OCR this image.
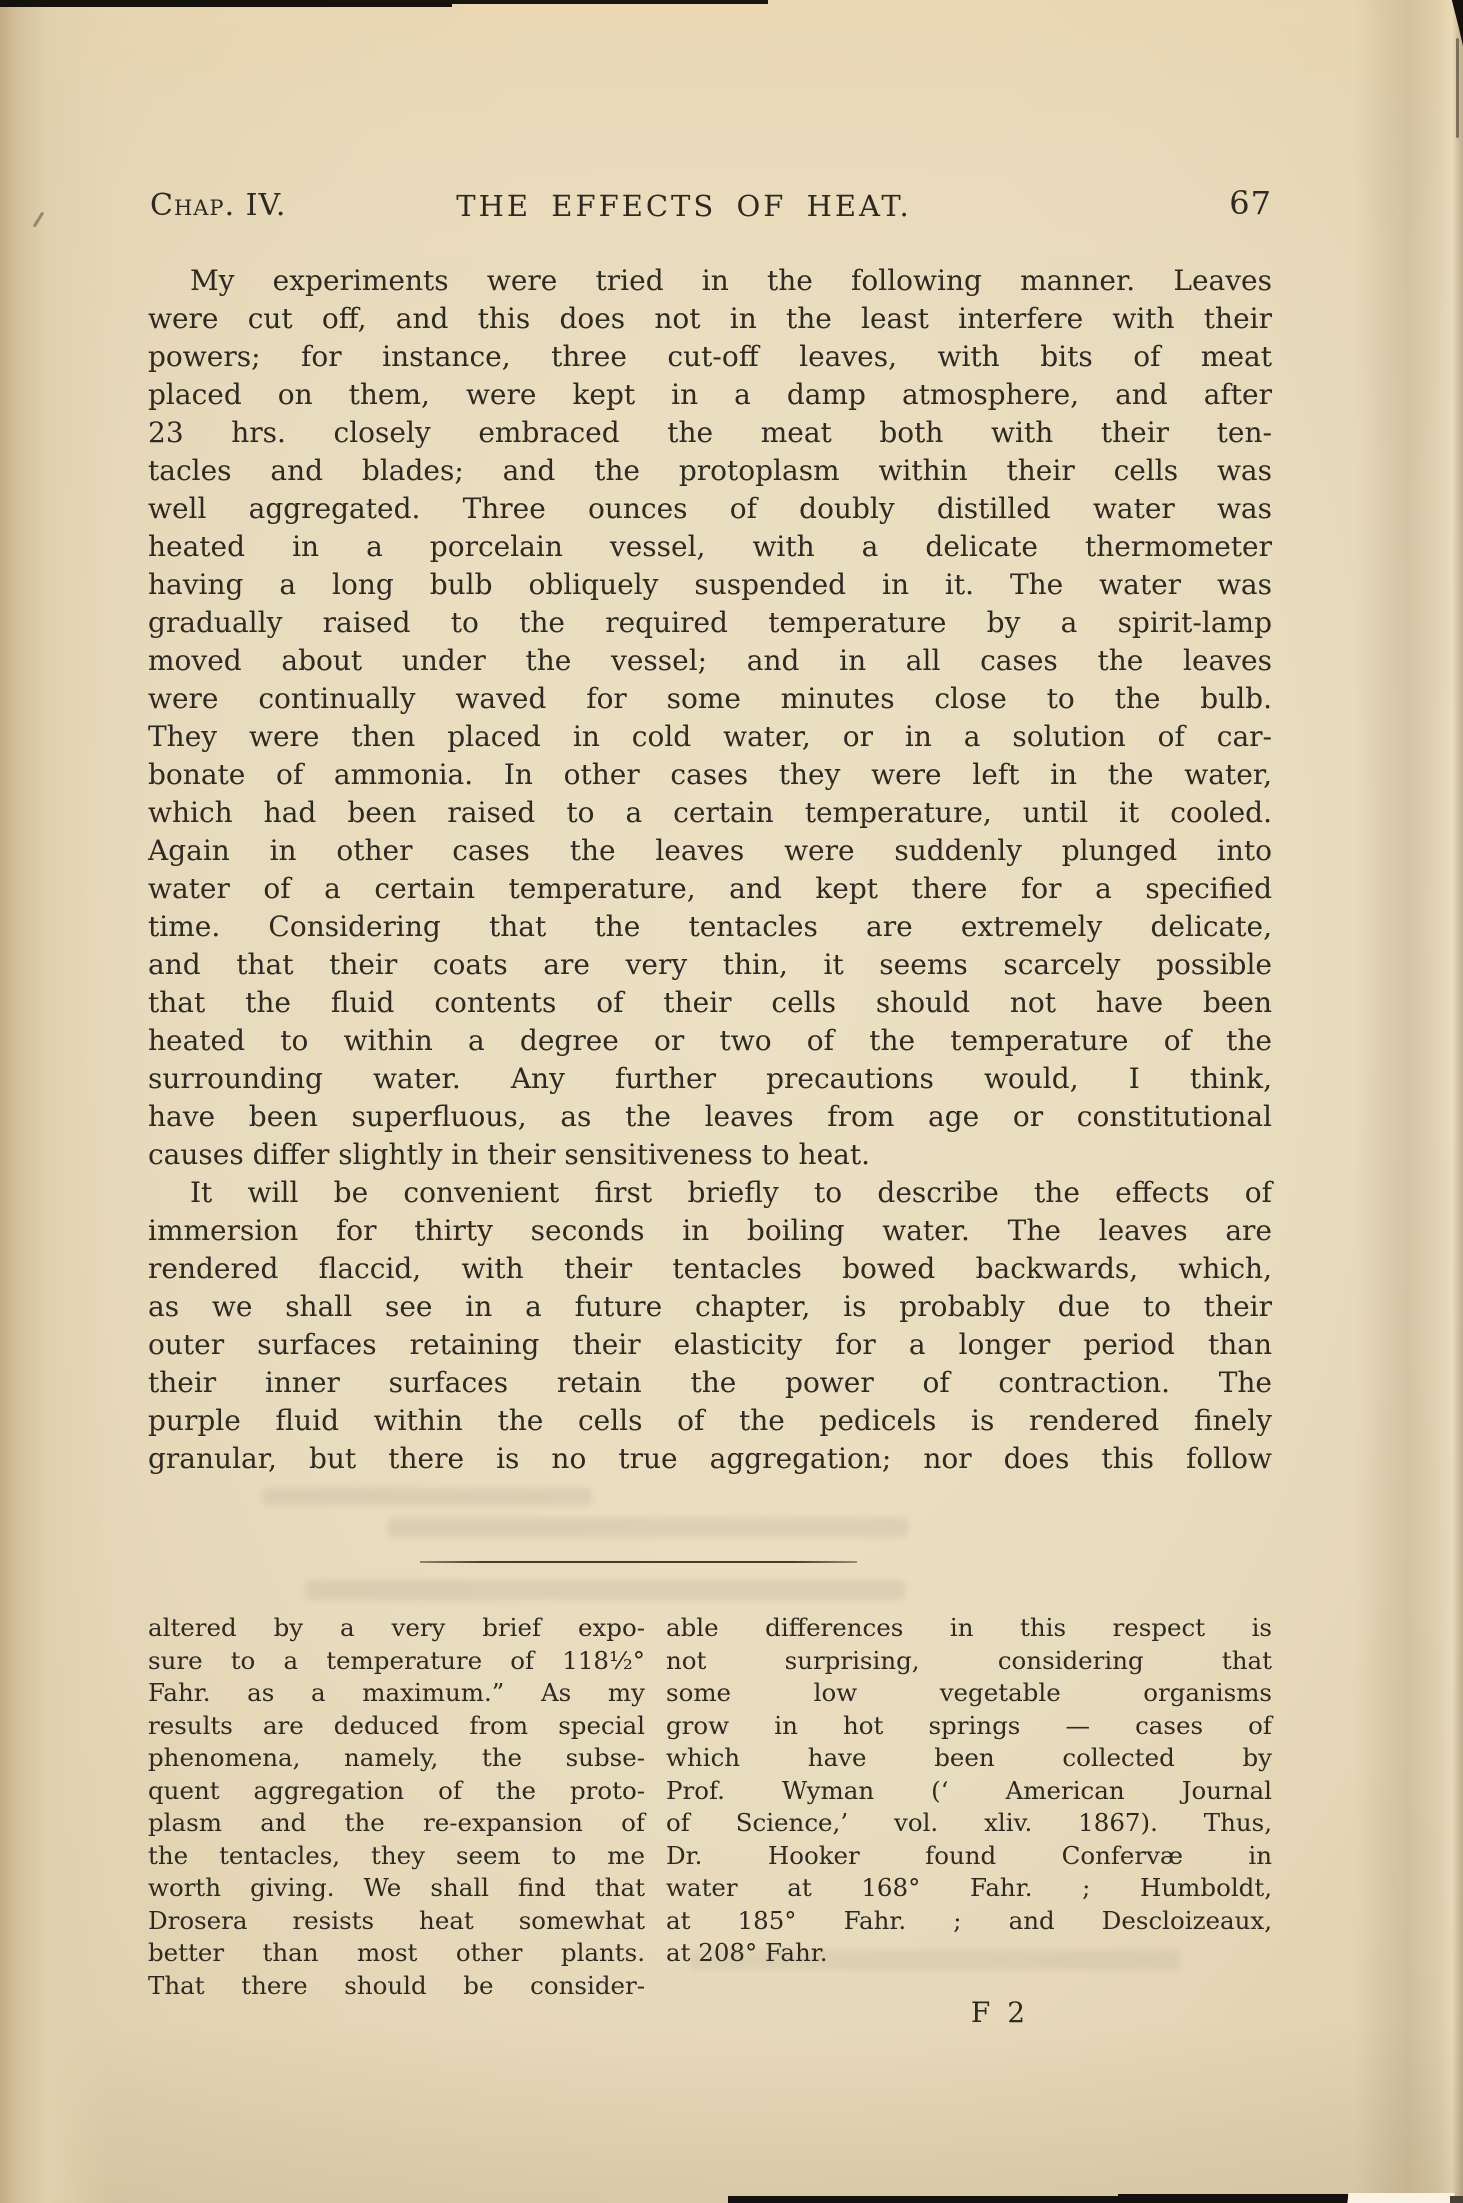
Chap. IV.	THE EFFECTS OF HEAT.	67
My experiments were tried in the following manner. Leaves
were cut off, and this does not in the least interfere with their
powers; for instance, three cut-off leaves, with bits of meat
placed on them, were kept in a damp atmosphere, and after
23 hrs. closely embraced the meat both with their ten-
tacles and blades; and the protoplasm within their cells was
well aggregated. Three ounces of doubly distilled water was
heated in a porcelain vessel, with a delicate thermometer
having a long bulb obliquely suspended in it. The water was
gradually raised to the required temperature by a spirit-lamp
moved about under the vessel; and in all cases the leaves
were continually waved for some minutes close to the bulb.
They were then placed in cold water, or in a solution of car-
bonate of ammonia. In other cases they were left in the water,
which had been raised to a certain temperature, until it cooled.
Again in other cases the leaves were suddenly plunged into
water of a certain temperature, and kept there for a specified
time. Considering that the tentacles are extremely delicate,
and that their coats are very thin, it seems scarcely possible
that the fluid contents of their cells should not have been
heated to within a degree or two of the temperature of the
surrounding water. Any further precautions would, I think,
have been superfluous, as the leaves from age or constitutional
causes differ slightly in their sensitiveness to heat.
It will be convenient first briefly to describe the effects of
immersion for thirty seconds in boiling water. The leaves are
rendered flaccid, with their tentacles bowed backwards, which,
as we shall see in a future chapter, is probably due to their
outer surfaces retaining their elasticity for a longer period than
their inner surfaces retain the power of contraction. The
purple fluid within the cells of the pedicels is rendered finely
granular, but there is no true aggregation; nor does this follow
altered by a very brief expo-
sure to a temperature of 118½°
Fahr. as a maximum.” As my
results are deduced from special
phenomena, namely, the subse-
quent aggregation of the proto-
plasm and the re-expansion of
the tentacles, they seem to me
worth giving. We shall find that
Drosera resists heat somewhat
better than most other plants.
That there should be consider-
able differences in this respect is
not surprising, considering that
some low vegetable organisms
grow in hot springs — cases of
which have been collected by
Prof. Wyman (‘ American Journal
of Science,’ vol. xliv. 1867). Thus,
Dr. Hooker found Confervæ in
water at 168° Fahr. ; Humboldt,
at 185° Fahr. ; and Descloizeaux,
at 208° Fahr.
F 2
